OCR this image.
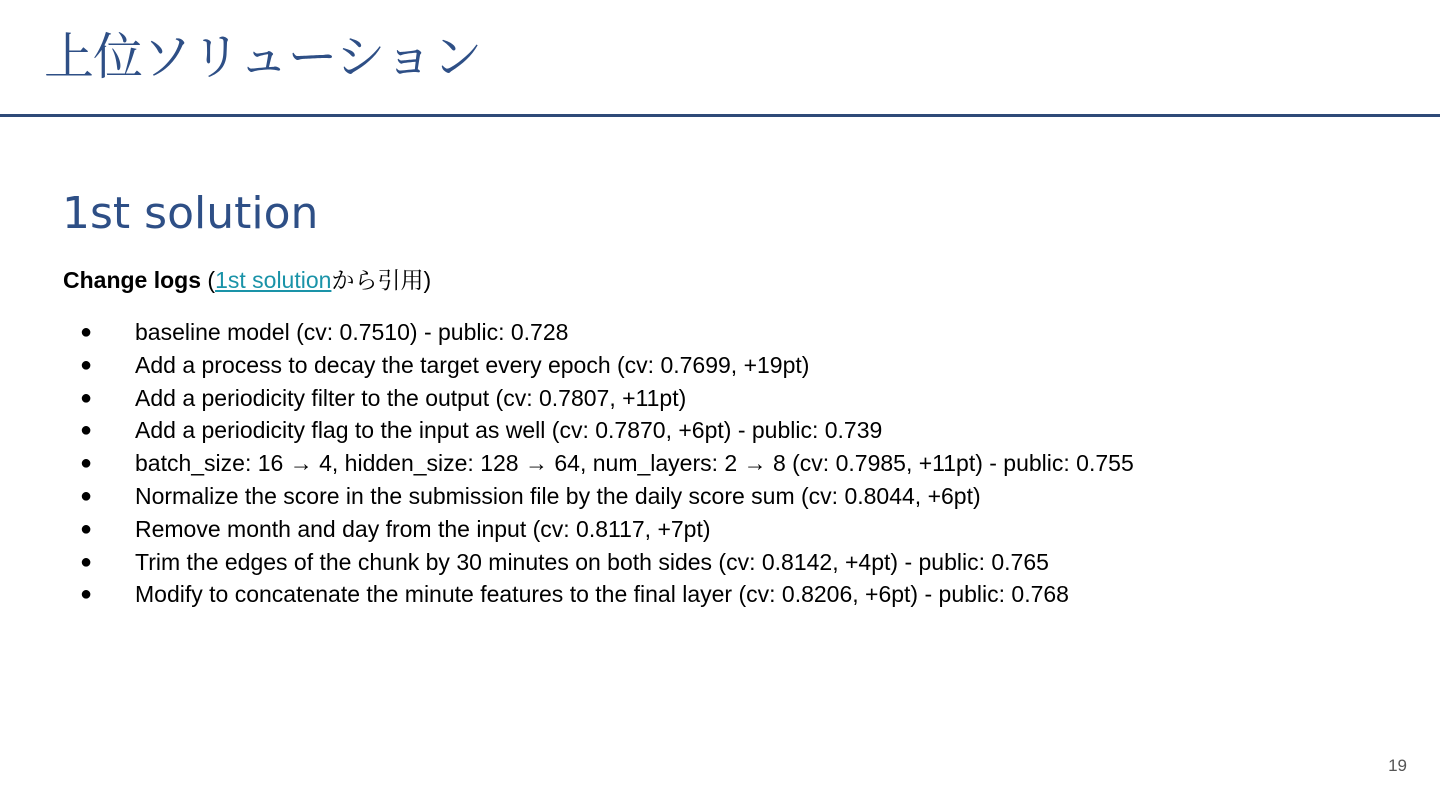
上位ソリューション
1st solution
Change logs (1st solutionから引用)
●	baseline model (cv: 0.7510) - public: 0.728
●	Add a process to decay the target every epoch (cv: 0.7699, +19pt)
●	Add a periodicity filter to the output (cv: 0.7807, +11pt)
●	Add a periodicity flag to the input as well (cv: 0.7870, +6pt) - public: 0.739
●	batch_size: 16 → 4, hidden_size: 128 → 64, num_layers: 2 → 8 (cv: 0.7985, +11pt) - public: 0.755
●	Normalize the score in the submission file by the daily score sum (cv: 0.8044, +6pt)
●	Remove month and day from the input (cv: 0.8117, +7pt)
●	Trim the edges of the chunk by 30 minutes on both sides (cv: 0.8142, +4pt) - public: 0.765
●	Modify to concatenate the minute features to the final layer (cv: 0.8206, +6pt) - public: 0.768
19
